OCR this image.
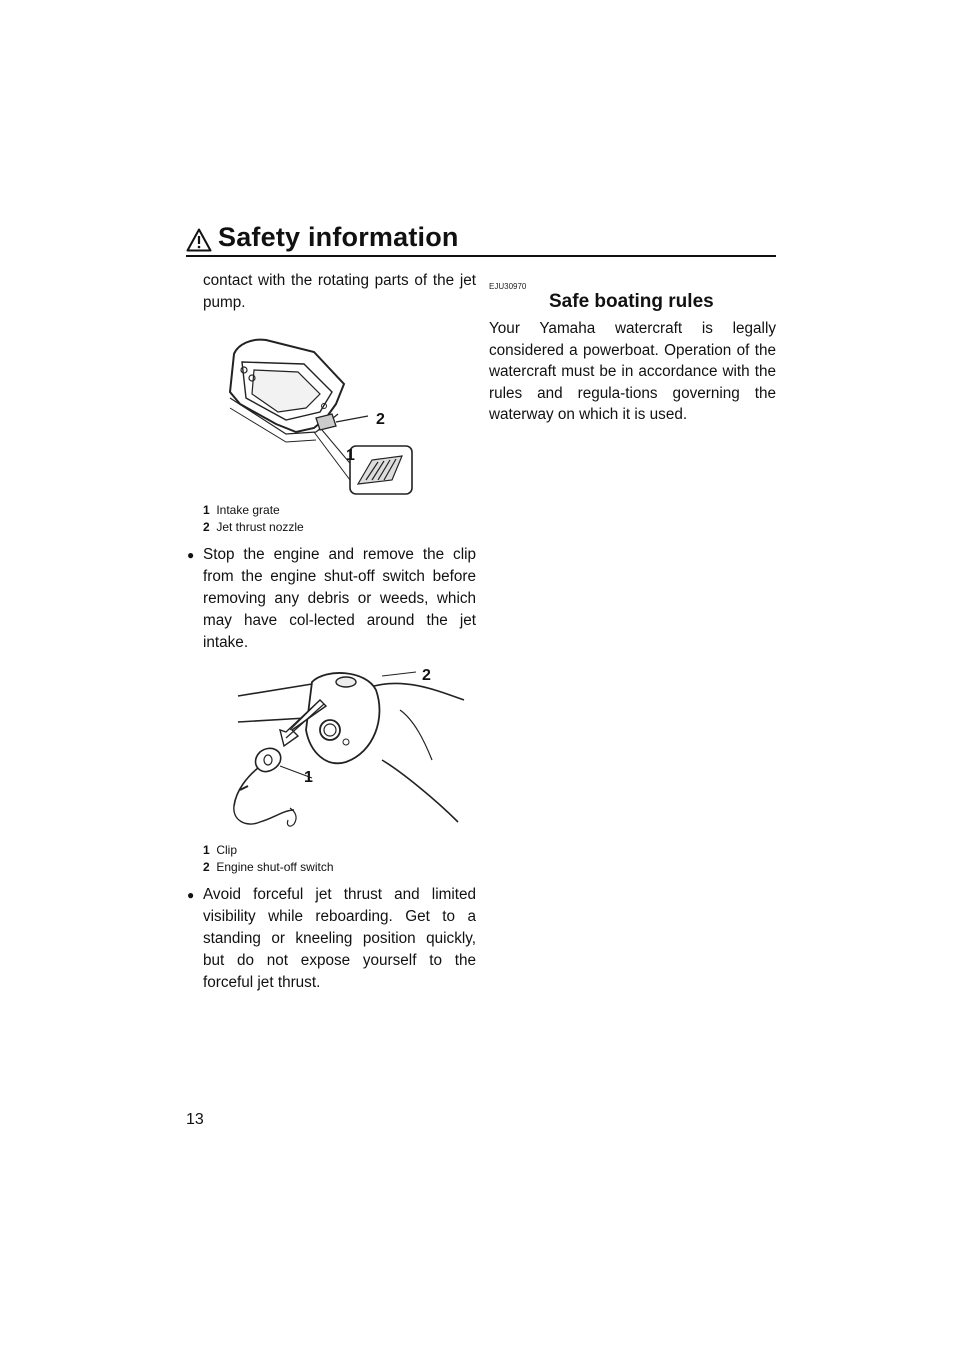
Safety information

contact with the rotating parts of the jet pump.

2
1
1 Intake grate
2 Jet thrust nozzle
● Stop the engine and remove the clip from the engine shut-off switch before removing any debris or weeds, which may have col-lected around the jet intake.
2
1
1 Clip
2 Engine shut-off switch
● Avoid forceful jet thrust and limited visibility while reboarding. Get to a standing or kneeling position quickly, but do not expose yourself to the forceful jet thrust.
EJU30970
Safe boating rules

Your Yamaha watercraft is legally considered a powerboat. Operation of the watercraft must be in accordance with the rules and regula-tions governing the waterway on which it is used.

13
